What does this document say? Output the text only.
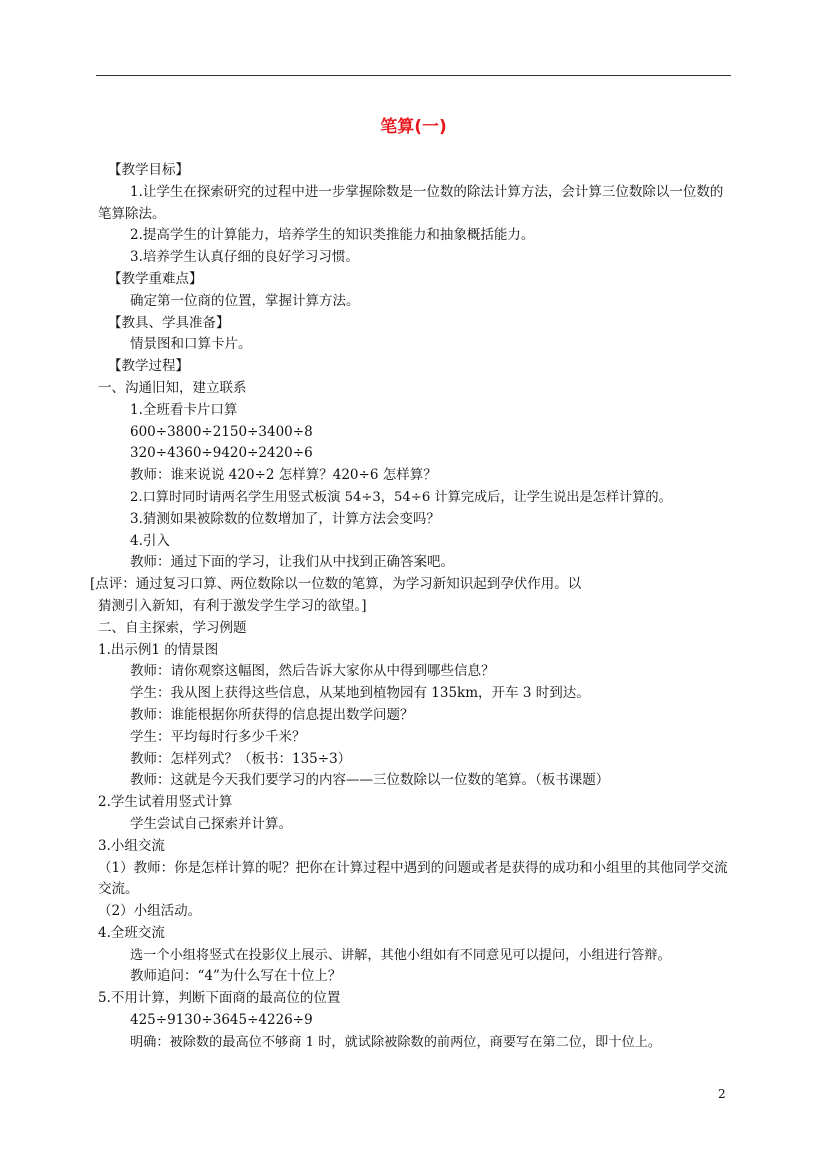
笔算(一)

【教学目标】

1.让学生在探索研究的过程中进一步掌握除数是一位数的除法计算方法，会计算三位数除以一位数的笔算除法。

2.提高学生的计算能力，培养学生的知识类推能力和抽象概括能力。

3.培养学生认真仔细的良好学习习惯。

【教学重难点】

确定第一位商的位置，掌握计算方法。

【教具、学具准备】

情景图和口算卡片。

【教学过程】

一、沟通旧知，建立联系

1.全班看卡片口算

600÷3800÷2150÷3400÷8

320÷4360÷9420÷2420÷6

教师：谁来说说 420÷2 怎样算？420÷6 怎样算？

2.口算时同时请两名学生用竖式板演 54÷3，54÷6 计算完成后，让学生说出是怎样计算的。

3.猜测如果被除数的位数增加了，计算方法会变吗？

4.引入

教师：通过下面的学习，让我们从中找到正确答案吧。

[点评：通过复习口算、两位数除以一位数的笔算，为学习新知识起到孕伏作用。以

猜测引入新知，有利于激发学生学习的欲望。]

二、自主探索，学习例题

1.出示例1 的情景图

教师：请你观察这幅图，然后告诉大家你从中得到哪些信息？

学生：我从图上获得这些信息，从某地到植物园有 135km，开车 3 时到达。

教师：谁能根据你所获得的信息提出数学问题？

学生：平均每时行多少千米？

教师：怎样列式？（板书：135÷3）

教师：这就是今天我们要学习的内容——三位数除以一位数的笔算。（板书课题）

2.学生试着用竖式计算

学生尝试自己探索并计算。

3.小组交流

（1）教师：你是怎样计算的呢？把你在计算过程中遇到的问题或者是获得的成功和小组里的其他同学交流交流。

（2）小组活动。

4.全班交流

选一个小组将竖式在投影仪上展示、讲解，其他小组如有不同意见可以提问，小组进行答辩。

教师追问：“4”为什么写在十位上？

5.不用计算，判断下面商的最高位的位置

425÷9130÷3645÷4226÷9

明确：被除数的最高位不够商 1 时，就试除被除数的前两位，商要写在第二位，即十位上。

2
